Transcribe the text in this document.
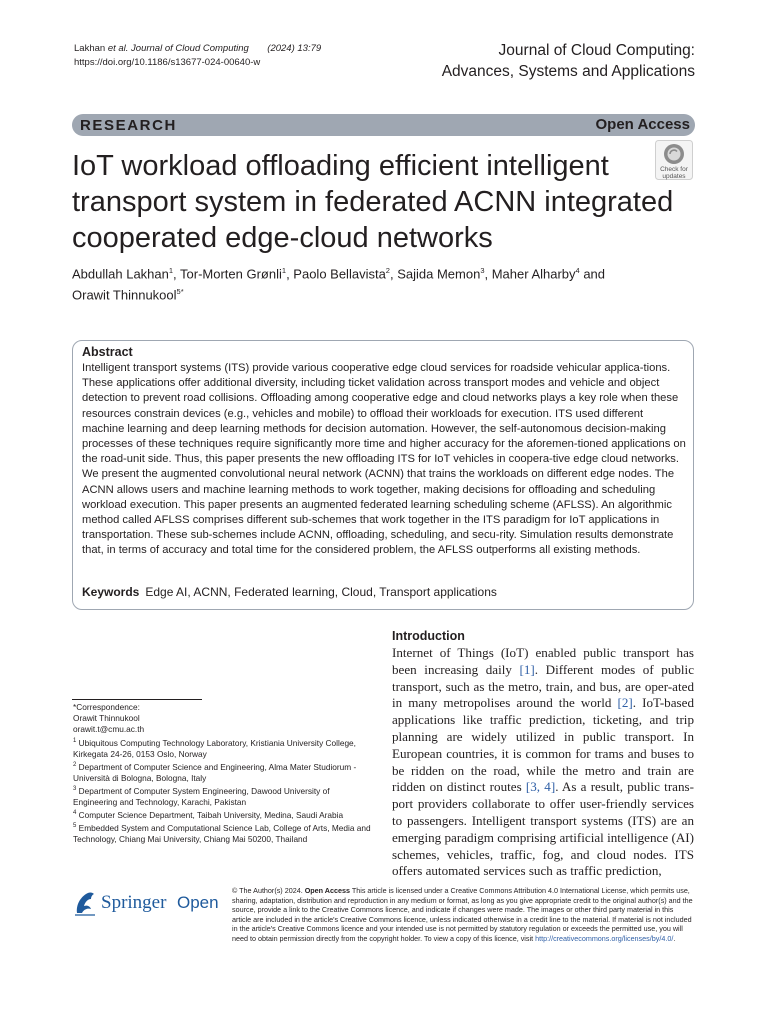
Lakhan et al. Journal of Cloud Computing (2024) 13:79
https://doi.org/10.1186/s13677-024-00640-w
Journal of Cloud Computing:
Advances, Systems and Applications
RESEARCH	Open Access
IoT workload offloading efficient intelligent transport system in federated ACNN integrated cooperated edge-cloud networks
Check for
updates
Abdullah Lakhan$^1$, Tor-Morten Grønli$^1$, Paolo Bellavista$^2$, Sajida Memon$^3$, Maher Alharby$^4$ and
Orawit Thinnukool$^{5*}$
Abstract
Intelligent transport systems (ITS) provide various cooperative edge cloud services for roadside vehicular applica-tions. These applications offer additional diversity, including ticket validation across transport modes and vehicle and object detection to prevent road collisions. Offloading among cooperative edge and cloud networks plays a key role when these resources constrain devices (e.g., vehicles and mobile) to offload their workloads for execution. ITS used different machine learning and deep learning methods for decision automation. However, the self-autonomous decision-making processes of these techniques require significantly more time and higher accuracy for the aforemen-tioned applications on the road-unit side. Thus, this paper presents the new offloading ITS for IoT vehicles in coopera-tive edge cloud networks. We present the augmented convolutional neural network (ACNN) that trains the workloads on different edge nodes. The ACNN allows users and machine learning methods to work together, making decisions for offloading and scheduling workload execution. This paper presents an augmented federated learning scheduling scheme (AFLSS). An algorithmic method called AFLSS comprises different sub-schemes that work together in the ITS paradigm for IoT applications in transportation. These sub-schemes include ACNN, offloading, scheduling, and secu-rity. Simulation results demonstrate that, in terms of accuracy and total time for the considered problem, the AFLSS outperforms all existing methods.
Keywords Edge AI, ACNN, Federated learning, Cloud, Transport applications
*Correspondence:
Orawit Thinnukool
orawit.t@cmu.ac.th
$^1$ Ubiquitous Computing Technology Laboratory, Kristiania University College, Kirkegata 24-26, 0153 Oslo, Norway
$^2$ Department of Computer Science and Engineering, Alma Mater Studiorum - Università di Bologna, Bologna, Italy
$^3$ Department of Computer System Engineering, Dawood University of Engineering and Technology, Karachi, Pakistan
$^4$ Computer Science Department, Taibah University, Medina, Saudi Arabia
$^5$ Embedded System and Computational Science Lab, College of Arts, Media and Technology, Chiang Mai University, Chiang Mai 50200, Thailand
Introduction
Internet of Things (IoT) enabled public transport has been increasing daily [1]. Different modes of public transport, such as the metro, train, and bus, are oper-ated in many metropolises around the world [2]. IoT-based applications like traffic prediction, ticketing, and trip planning are widely utilized in public transport. In European countries, it is common for trams and buses to be ridden on the road, while the metro and train are ridden on distinct routes [3, 4]. As a result, public trans-port providers collaborate to offer user-friendly services to passengers. Intelligent transport systems (ITS) are an emerging paradigm comprising artificial intelligence (AI) schemes, vehicles, traffic, fog, and cloud nodes. ITS offers automated services such as traffic prediction,
Springer Open
© The Author(s) 2024. Open Access This article is licensed under a Creative Commons Attribution 4.0 International License, which permits use, sharing, adaptation, distribution and reproduction in any medium or format, as long as you give appropriate credit to the original author(s) and the source, provide a link to the Creative Commons licence, and indicate if changes were made. The images or other third party material in this article are included in the article's Creative Commons licence, unless indicated otherwise in a credit line to the material. If material is not included in the article's Creative Commons licence and your intended use is not permitted by statutory regulation or exceeds the permitted use, you will need to obtain permission directly from the copyright holder. To view a copy of this licence, visit http://creativecommons.org/licenses/by/4.0/.
